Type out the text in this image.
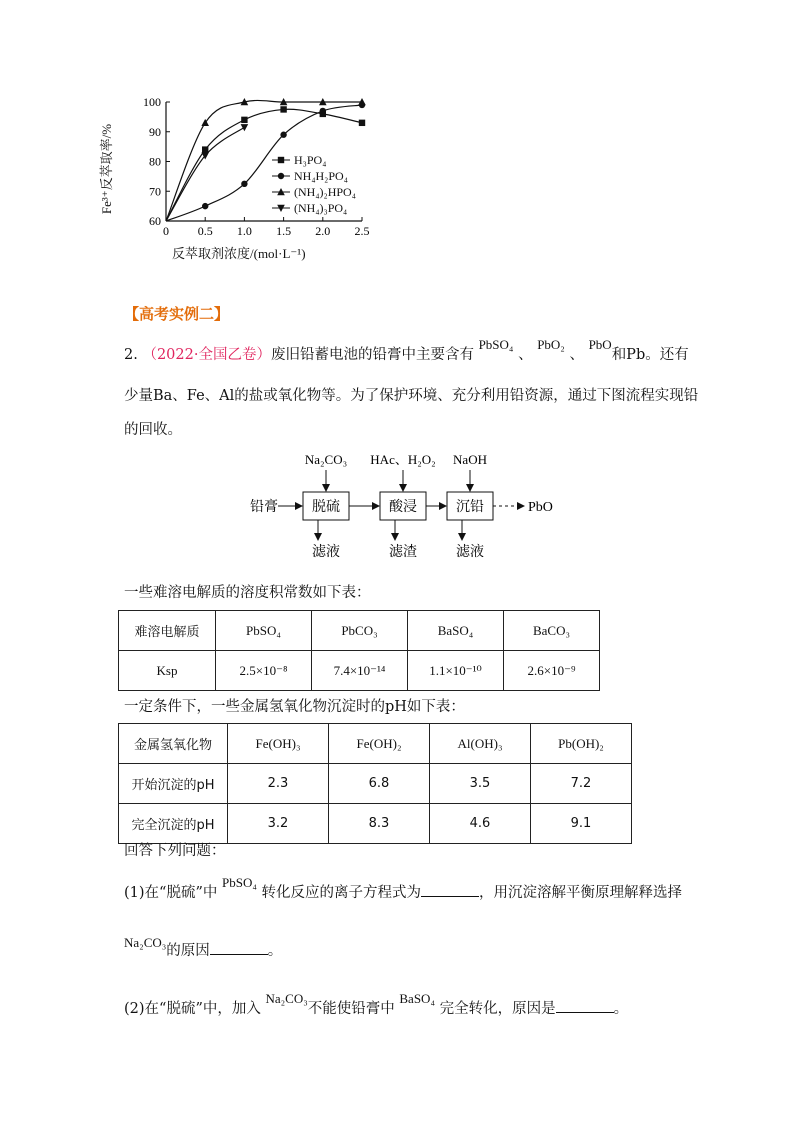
0 0.5 1.0 1.5 2.0 2.5
60
70
80
90
100
H₃PO₄
NH₄H₂PO₄
(NH₄)₂HPO₄
(NH₄)₃PO₄
Fe³⁺反萃取率/%
反萃取剂浓度/(mol·L⁻¹)
【高考实例二】
2. （2022·全国乙卷）废旧铅蓄电池的铅膏中主要含有 PbSO₄ 、 PbO₂ 、 PbO和Pb。还有
少量Ba、Fe、Al的盐或氧化物等。为了保护环境、充分利用铅资源，通过下图流程实现铅
的回收。
铅膏 脱硫	酸浸	沉铅	PbO
Na₂CO₃ HAc、H₂O₂ NaOH
滤液	滤渣	滤液
一些难溶电解质的溶度积常数如下表：
难溶电解质	PbSO₄	PbCO₃	BaSO₄	BaCO₃
Ksp	2.5×10⁻⁸	7.4×10⁻¹⁴	1.1×10⁻¹⁰	2.6×10⁻⁹
一定条件下，一些金属氢氧化物沉淀时的pH如下表：
金属氢氧化物	Fe(OH)₃	Fe(OH)₂	Al(OH)₃	Pb(OH)₂
开始沉淀的pH	2.3	6.8	3.5	7.2
完全沉淀的pH	3.2	8.3	4.6	9.1
回答下列问题：
(1)在“脱硫”中 PbSO₄ 转化反应的离子方程式为	，用沉淀溶解平衡原理解释选择
Na₂CO₃的原因	。
(2)在“脱硫”中，加入 Na₂CO₃不能使铅膏中 BaSO₄ 完全转化，原因是	。
